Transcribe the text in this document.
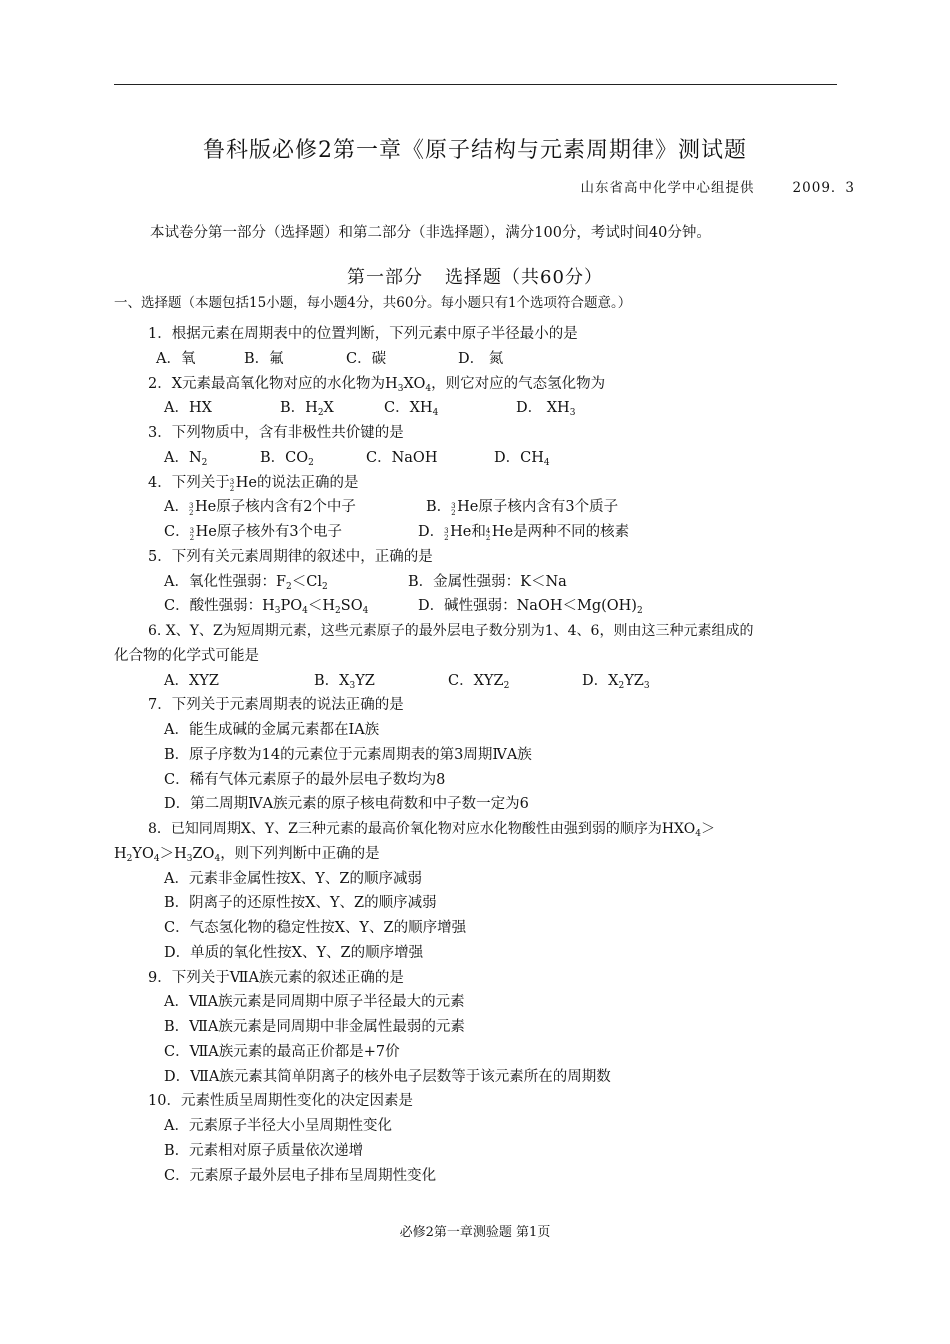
鲁科版必修2第一章《原子结构与元素周期律》测试题
山东省高中化学中心组提供	2009．3
本试卷分第一部分（选择题）和第二部分（非选择题），满分100分，考试时间40分钟。
第一部分 选择题（共60分）
一、选择题（本题包括15小题，每小题4分，共60分。每小题只有1个选项符合题意。）
1．根据元素在周期表中的位置判断，下列元素中原子半径最小的是
A．氧	B．氟	C．碳	D． 氮
2．X元素最高氧化物对应的水化物为$H_3XO_4$，则它对应的气态氢化物为
A．HX	B．$H_2X$	C．$XH_4$	D． $XH_3$
3．下列物质中，含有非极性共价键的是
A．$N_2$	B．$CO_2$	C．NaOH	D．$CH_4$
4．下列关于 3
2 He的说法正确的是
A． 3
2 He原子核内含有2个中子	B． 3
2 He原子核内含有3个质子
C． 3
2 He原子核外有3个电子	D． 3
2 He和 4
2 He是两种不同的核素
5．下列有关元素周期律的叙述中，正确的是
A．氧化性强弱：$F_2<Cl_2$	B．金属性强弱：K＜Na
C．酸性强弱：$H_3PO_4<H_2SO_4$	D．碱性强弱：$NaOH<Mg(OH)_2$
6. X、Y、Z为短周期元素，这些元素原子的最外层电子数分别为1、4、6，则由这三种元素组成的
化合物的化学式可能是
A．XYZ	B．$X_3YZ$	C．$XYZ_2$	D．$X_2YZ_3$
7．下列关于元素周期表的说法正确的是
A．能生成碱的金属元素都在ⅠA族
B．原子序数为14的元素位于元素周期表的第3周期ⅣA族
C．稀有气体元素原子的最外层电子数均为8
D．第二周期ⅣA族元素的原子核电荷数和中子数一定为6
8．已知同周期X、Y、Z三种元素的最高价氧化物对应水化物酸性由强到弱的顺序为$HXO_4>$
$H_2YO_4>H_3ZO_4$，则下列判断中正确的是
A．元素非金属性按X、Y、Z的顺序减弱
B．阴离子的还原性按X、Y、Z的顺序减弱
C．气态氢化物的稳定性按X、Y、Z的顺序增强
D．单质的氧化性按X、Y、Z的顺序增强
9．下列关于ⅦA族元素的叙述正确的是
A．ⅦA族元素是同周期中原子半径最大的元素
B．ⅦA族元素是同周期中非金属性最弱的元素
C．ⅦA族元素的最高正价都是+7价
D．ⅦA族元素其简单阴离子的核外电子层数等于该元素所在的周期数
10．元素性质呈周期性变化的决定因素是
A．元素原子半径大小呈周期性变化
B．元素相对原子质量依次递增
C．元素原子最外层电子排布呈周期性变化
必修2第一章测验题 第1页
